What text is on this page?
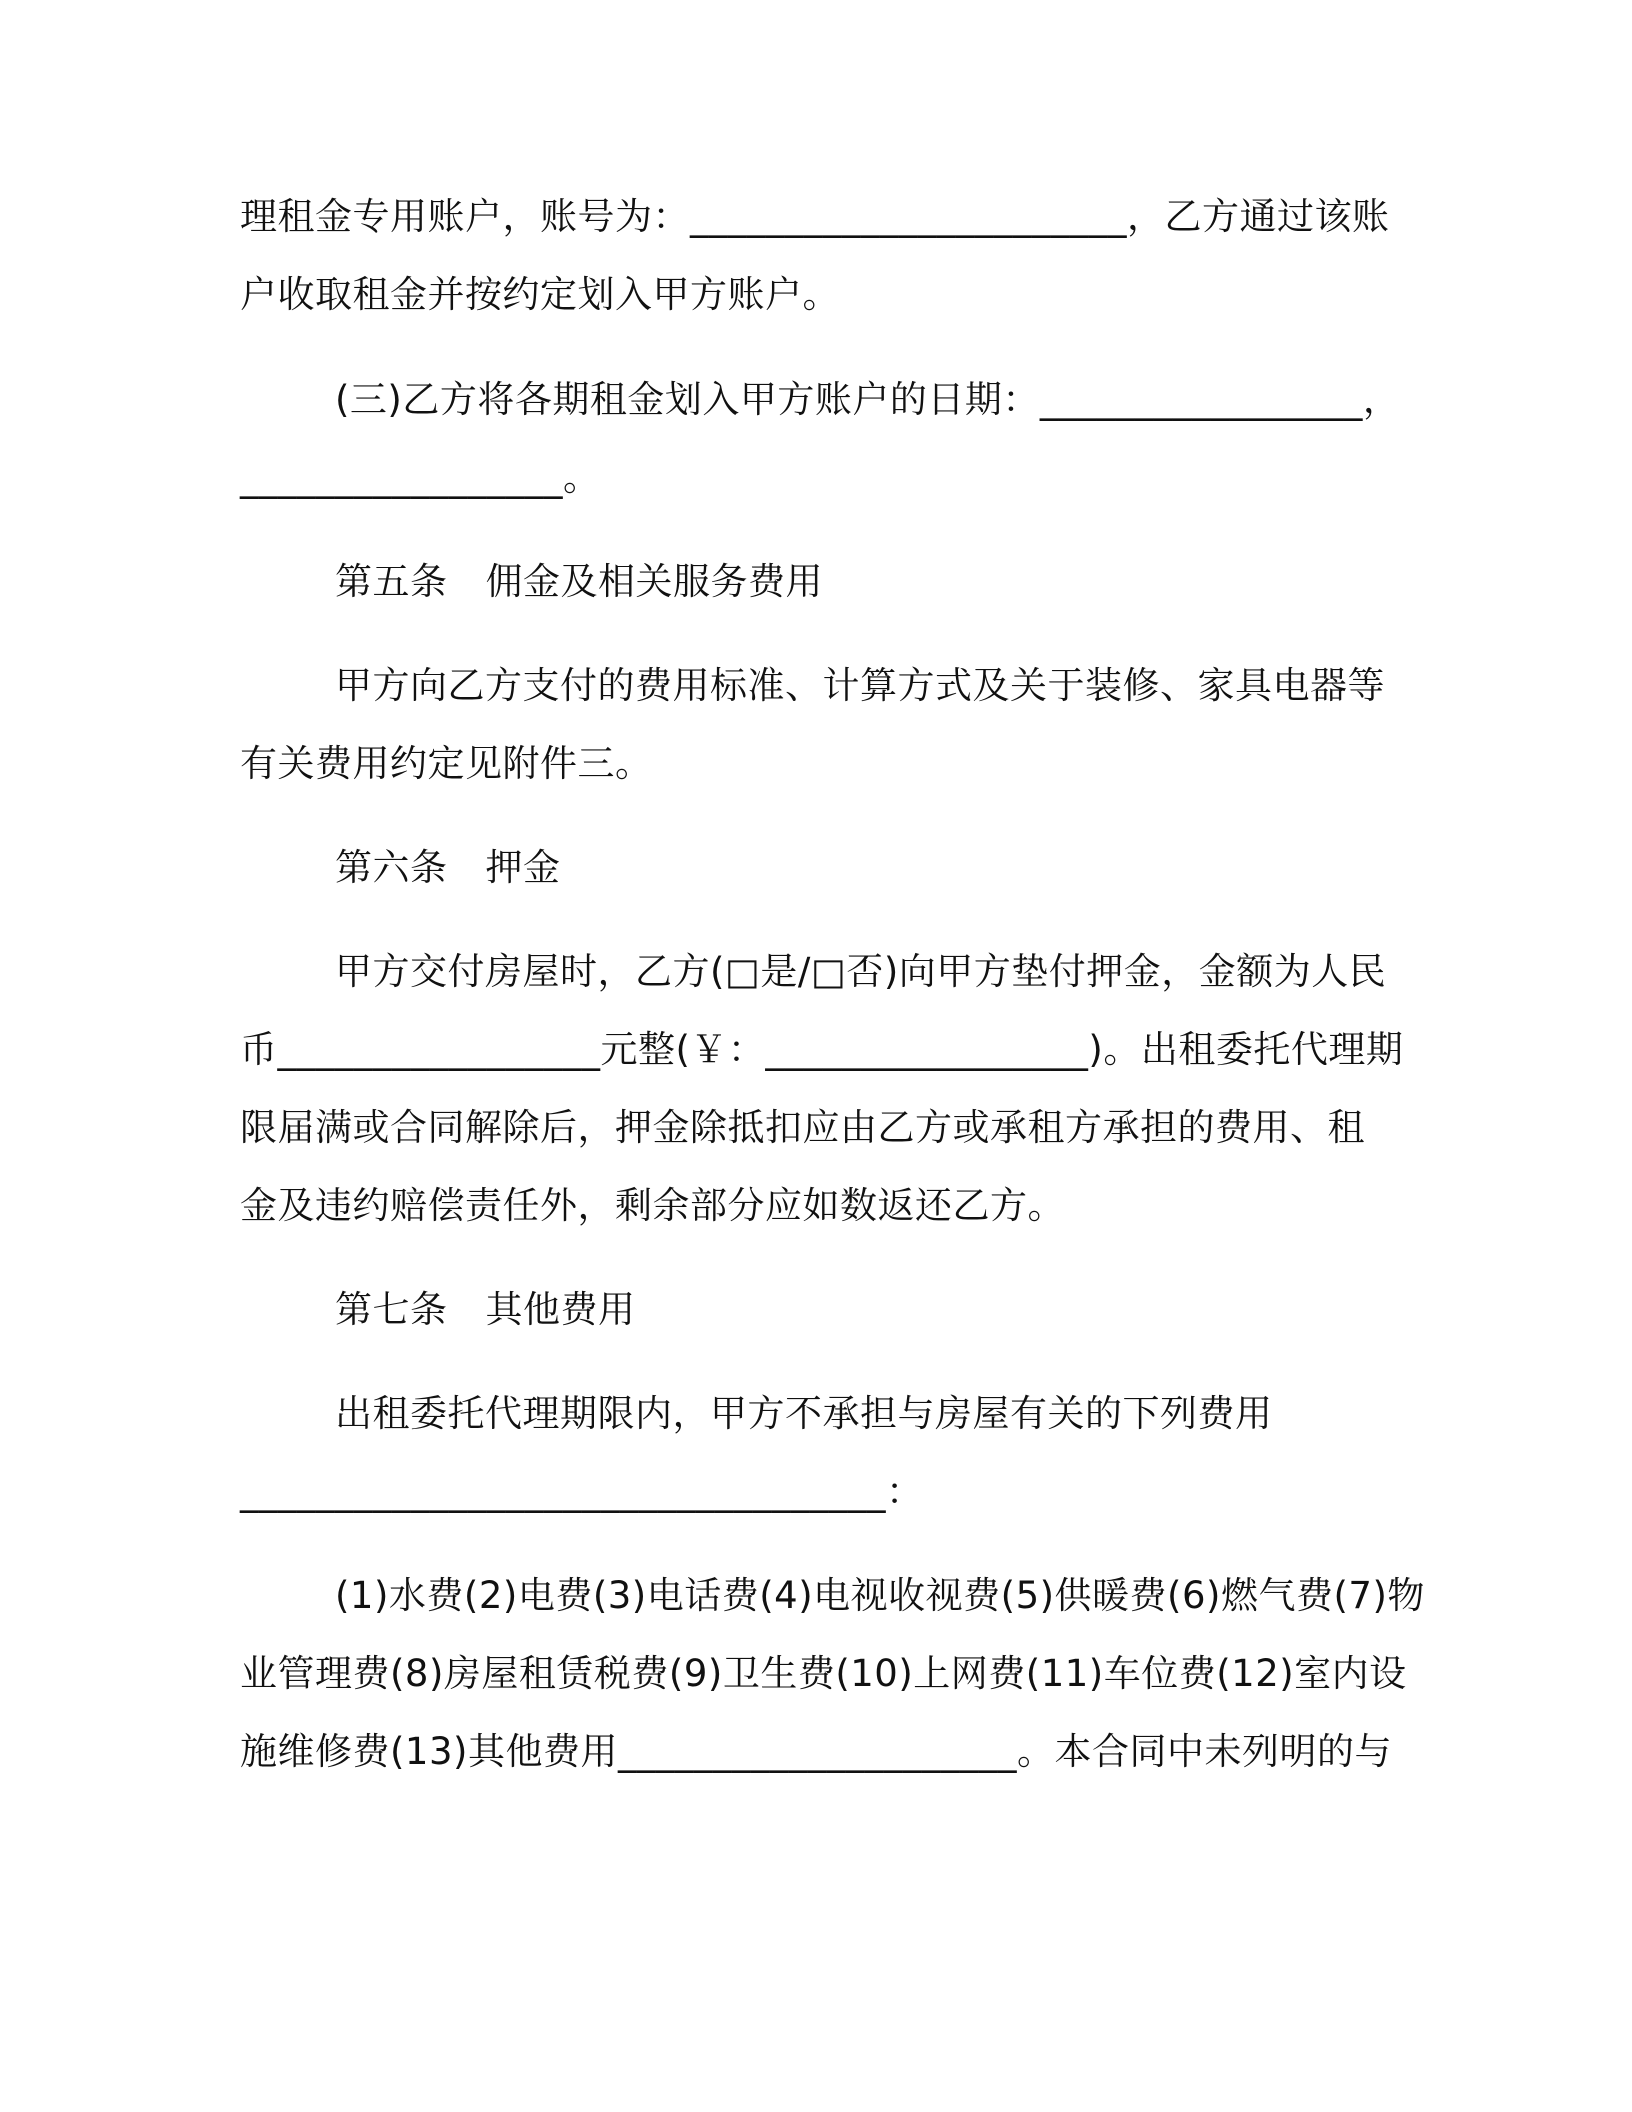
理租金专用账户，账号为：_______________________，乙方通过该账
户收取租金并按约定划入甲方账户。
(三)乙方将各期租金划入甲方账户的日期：_________________，
_________________。
第五条 佣金及相关服务费用
甲方向乙方支付的费用标准、计算方式及关于装修、家具电器等
有关费用约定见附件三。
第六条 押金
甲方交付房屋时，乙方(□是/□否)向甲方垫付押金，金额为人民
币_________________元整(￥：_________________)。出租委托代理期
限届满或合同解除后，押金除抵扣应由乙方或承租方承担的费用、租
金及违约赔偿责任外，剩余部分应如数返还乙方。
第七条 其他费用
出租委托代理期限内，甲方不承担与房屋有关的下列费用
__________________________________：
(1)水费(2)电费(3)电话费(4)电视收视费(5)供暖费(6)燃气费(7)物
业管理费(8)房屋租赁税费(9)卫生费(10)上网费(11)车位费(12)室内设
施维修费(13)其他费用_____________________。本合同中未列明的与
